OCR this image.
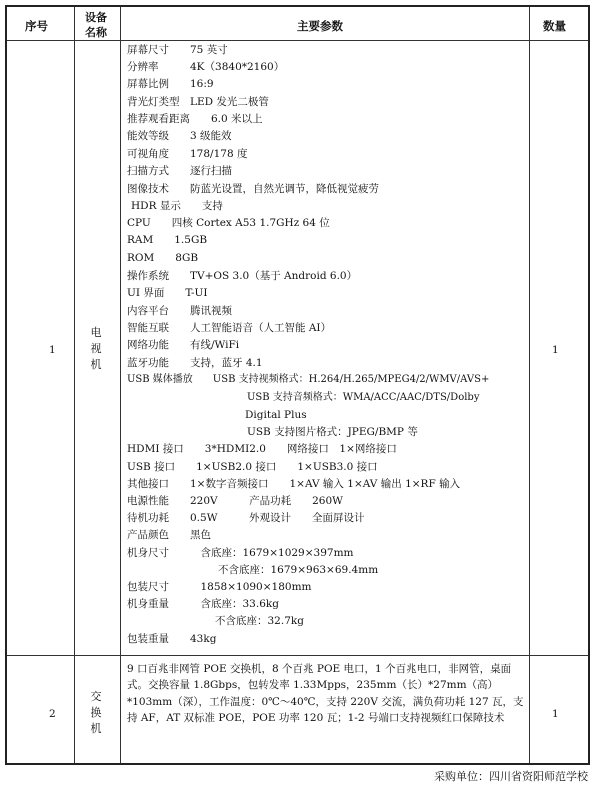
序号
设备
名称	主要参数	数量
1
电
视
机
1
屏幕尺寸　　75 英寸
分辨率　　　4K（3840*2160）
屏幕比例　　16:9
背光灯类型　LED 发光二极管
推荐观看距离　　6.0 米以上
能效等级　　3 级能效
可视角度　　178/178 度
扫描方式　　逐行扫描
图像技术　　防蓝光设置，自然光调节，降低视觉疲劳
HDR 显示　　支持
CPU　　四核 Cortex A53 1.7GHz 64 位
RAM　　1.5GB
ROM　　8GB
操作系统　　TV+OS 3.0（基于 Android 6.0）
UI 界面　　T-UI
内容平台　　腾讯视频
智能互联　　人工智能语音（人工智能 AI）
网络功能　　有线/WiFi
蓝牙功能　　支持，蓝牙 4.1
USB 媒体播放　　USB 支持视频格式：H.264/H.265/MPEG4/2/WMV/AVS+
USB 支持音频格式：WMA/ACC/AAC/DTS/Dolby
Digital Plus
USB 支持图片格式：JPEG/BMP 等
HDMI 接口　　3*HDMI2.0　　网络接口　1×网络接口
USB 接口　　1×USB2.0 接口　　1×USB3.0 接口
其他接口　　1×数字音频接口　　1×AV 输入 1×AV 输出 1×RF 输入
电源性能　　220V　　　产品功耗　　260W
待机功耗　　0.5W　　　外观设计　　全面屏设计
产品颜色　　黑色
机身尺寸　　　含底座：1679×1029×397mm
不含底座：1679×963×69.4mm
包装尺寸　　　1858×1090×180mm
机身重量　　　含底座：33.6kg
不含底座：32.7kg
包装重量　　43kg
2
交
换
机
1
9 口百兆非网管 POE 交换机，8 个百兆 POE 电口，1 个百兆电口，非网管，桌面式。交换容量 1.8Gbps，包转发率 1.33Mpps，235mm（长）*27mm（高）*103mm（深），工作温度：0℃～40℃，支持 220V 交流，满负荷功耗 127 瓦，支持 AF，AT 双标准 POE，POE 功率 120 瓦；1-2 号端口支持视频红口保障技术
采购单位：四川省资阳师范学校
